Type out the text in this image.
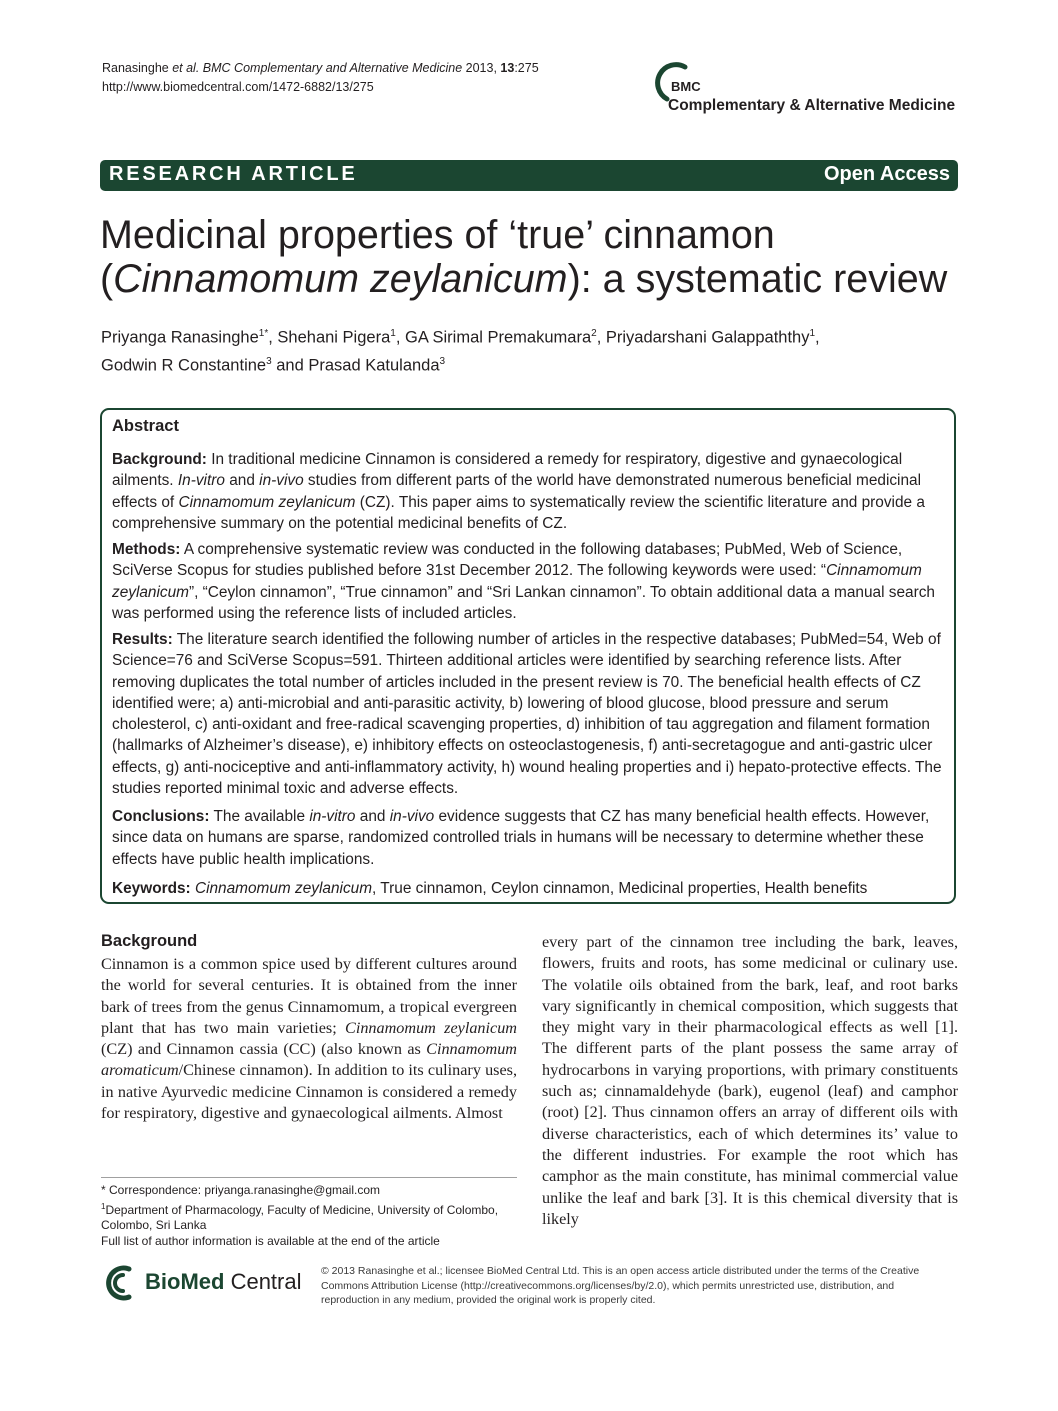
Ranasinghe et al. BMC Complementary and Alternative Medicine 2013, 13:275
http://www.biomedcentral.com/1472-6882/13/275	BMC
Complementary & Alternative Medicine
RESEARCH ARTICLE	Open Access
Medicinal properties of ‘true’ cinnamon
(Cinnamomum zeylanicum): a systematic review
Priyanga Ranasinghe$^{1*}$, Shehani Pigera$^1$, GA Sirimal Premakumara$^2$, Priyadarshani Galappaththy$^1$,
Godwin R Constantine$^3$ and Prasad Katulanda$^3$
Abstract
Background: In traditional medicine Cinnamon is considered a remedy for respiratory, digestive and gynaecological ailments. In-vitro and in-vivo studies from different parts of the world have demonstrated numerous beneficial medicinal effects of Cinnamomum zeylanicum (CZ). This paper aims to systematically review the scientific literature and provide a comprehensive summary on the potential medicinal benefits of CZ.
Methods: A comprehensive systematic review was conducted in the following databases; PubMed, Web of Science, SciVerse Scopus for studies published before 31st December 2012. The following keywords were used: “Cinnamomum zeylanicum”, “Ceylon cinnamon”, “True cinnamon” and “Sri Lankan cinnamon”. To obtain additional data a manual search was performed using the reference lists of included articles.
Results: The literature search identified the following number of articles in the respective databases; PubMed=54, Web of Science=76 and SciVerse Scopus=591. Thirteen additional articles were identified by searching reference lists. After removing duplicates the total number of articles included in the present review is 70. The beneficial health effects of CZ identified were; a) anti-microbial and anti-parasitic activity, b) lowering of blood glucose, blood pressure and serum cholesterol, c) anti-oxidant and free-radical scavenging properties, d) inhibition of tau aggregation and filament formation (hallmarks of Alzheimer’s disease), e) inhibitory effects on osteoclastogenesis, f) anti-secretagogue and anti-gastric ulcer effects, g) anti-nociceptive and anti-inflammatory activity, h) wound healing properties and i) hepato-protective effects. The studies reported minimal toxic and adverse effects.
Conclusions: The available in-vitro and in-vivo evidence suggests that CZ has many beneficial health effects. However, since data on humans are sparse, randomized controlled trials in humans will be necessary to determine whether these effects have public health implications.
Keywords: Cinnamomum zeylanicum, True cinnamon, Ceylon cinnamon, Medicinal properties, Health benefits
Background
Cinnamon is a common spice used by different cultures around the world for several centuries. It is obtained from the inner bark of trees from the genus Cinnamomum, a tropical evergreen plant that has two main varieties; Cinnamomum zeylanicum (CZ) and Cinnamon cassia (CC) (also known as Cinnamomum aromaticum/Chinese cinnamon). In addition to its culinary uses, in native Ayurvedic medicine Cinnamon is considered a remedy for respiratory, digestive and gynaecological ailments. Almost
every part of the cinnamon tree including the bark, leaves, flowers, fruits and roots, has some medicinal or culinary use. The volatile oils obtained from the bark, leaf, and root barks vary significantly in chemical composition, which suggests that they might vary in their pharmacological effects as well [1]. The different parts of the plant possess the same array of hydrocarbons in varying proportions, with primary constituents such as; cinnamaldehyde (bark), eugenol (leaf) and camphor (root) [2]. Thus cinnamon offers an array of different oils with diverse characteristics, each of which determines its’ value to the different industries. For example the root which has camphor as the main constitute, has minimal commercial value unlike the leaf and bark [3]. It is this chemical diversity that is likely
* Correspondence: priyanga.ranasinghe@gmail.com
$^1$Department of Pharmacology, Faculty of Medicine, University of Colombo, Colombo, Sri Lanka
Full list of author information is available at the end of the article
BioMed Central © 2013 Ranasinghe et al.; licensee BioMed Central Ltd. This is an open access article distributed under the terms of the Creative Commons Attribution License (http://creativecommons.org/licenses/by/2.0), which permits unrestricted use, distribution, and reproduction in any medium, provided the original work is properly cited.
